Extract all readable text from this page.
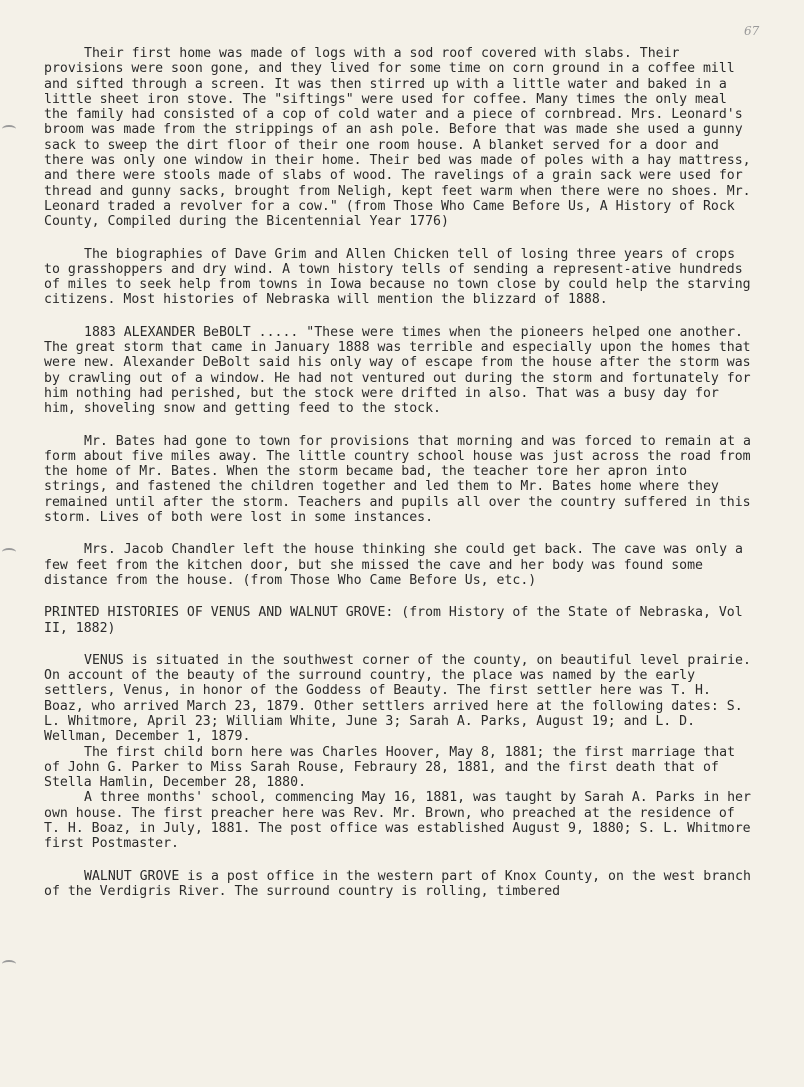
67

Their first home was made of logs with a sod roof covered with slabs. Their provisions were soon gone, and they lived for some time on corn ground in a coffee mill and sifted through a screen. It was then stirred up with a little water and baked in a little sheet iron stove. The "siftings" were used for coffee. Many times the only meal the family had consisted of a cop of cold water and a piece of cornbread. Mrs. Leonard's broom was made from the strippings of an ash pole. Before that was made she used a gunny sack to sweep the dirt floor of their one room house. A blanket served for a door and there was only one window in their home. Their bed was made of poles with a hay mattress, and there were stools made of slabs of wood. The ravelings of a grain sack were used for thread and gunny sacks, brought from Neligh, kept feet warm when there were no shoes. Mr. Leonard traded a revolver for a cow." (from Those Who Came Before Us, A History of Rock County, Compiled during the Bicentennial Year 1776)

The biographies of Dave Grim and Allen Chicken tell of losing three years of crops to grasshoppers and dry wind. A town history tells of sending a represent-ative hundreds of miles to seek help from towns in Iowa because no town close by could help the starving citizens. Most histories of Nebraska will mention the blizzard of 1888.

1883 ALEXANDER BeBOLT ..... "These were times when the pioneers helped one another. The great storm that came in January 1888 was terrible and especially upon the homes that were new. Alexander DeBolt said his only way of escape from the house after the storm was by crawling out of a window. He had not ventured out during the storm and fortunately for him nothing had perished, but the stock were drifted in also. That was a busy day for him, shoveling snow and getting feed to the stock.

Mr. Bates had gone to town for provisions that morning and was forced to remain at a form about five miles away. The little country school house was just across the road from the home of Mr. Bates. When the storm became bad, the teacher tore her apron into strings, and fastened the children together and led them to Mr. Bates home where they remained until after the storm. Teachers and pupils all over the country suffered in this storm. Lives of both were lost in some instances.

Mrs. Jacob Chandler left the house thinking she could get back. The cave was only a few feet from the kitchen door, but she missed the cave and her body was found some distance from the house. (from Those Who Came Before Us, etc.)

PRINTED HISTORIES OF VENUS AND WALNUT GROVE: (from History of the State of Nebraska, Vol II, 1882)

VENUS is situated in the southwest corner of the county, on beautiful level prairie. On account of the beauty of the surround country, the place was named by the early settlers, Venus, in honor of the Goddess of Beauty. The first settler here was T. H. Boaz, who arrived March 23, 1879. Other settlers arrived here at the following dates: S. L. Whitmore, April 23; William White, June 3; Sarah A. Parks, August 19; and L. D. Wellman, December 1, 1879.

The first child born here was Charles Hoover, May 8, 1881; the first marriage that of John G. Parker to Miss Sarah Rouse, Febraury 28, 1881, and the first death that of Stella Hamlin, December 28, 1880.

A three months' school, commencing May 16, 1881, was taught by Sarah A. Parks in her own house. The first preacher here was Rev. Mr. Brown, who preached at the residence of T. H. Boaz, in July, 1881. The post office was established August 9, 1880; S. L. Whitmore first Postmaster.

WALNUT GROVE is a post office in the western part of Knox County, on the west branch of the Verdigris River. The surround country is rolling, timbered
